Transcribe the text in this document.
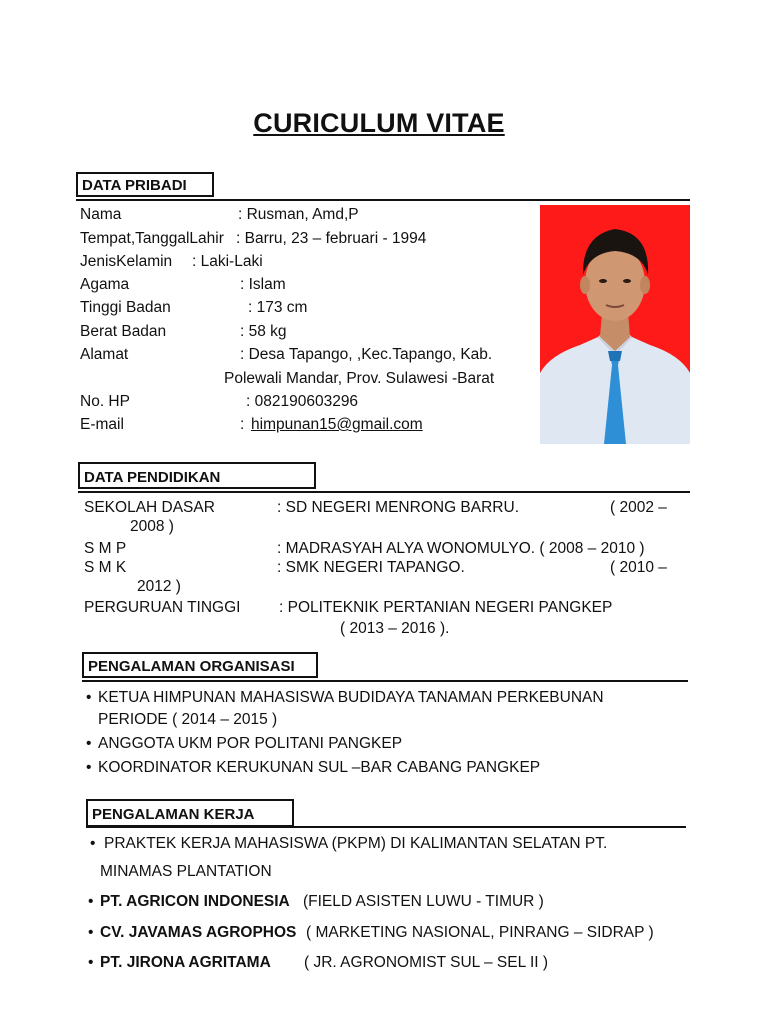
CURICULUM VITAE
DATA PRIBADI
Nama	: Rusman, Amd,P
Tempat,TanggalLahir : Barru, 23 – februari - 1994
JenisKelamin : Laki-Laki
Agama	: Islam
Tinggi Badan	: 173 cm
Berat Badan	: 58 kg
Alamat	: Desa Tapango, ,Kec.Tapango, Kab.
Polewali Mandar, Prov. Sulawesi -Barat
No. HP	: 082190603296
E-mail	: himpunan15@gmail.com
DATA PENDIDIKAN
SEKOLAH DASAR	: SD NEGERI MENRONG BARRU.	( 2002 –
2008 )
S M P	: MADRASYAH ALYA WONOMULYO. ( 2008 – 2010 )
S M K	: SMK NEGERI TAPANGO.	( 2010 –
2012 )
PERGURUAN TINGGI : POLITEKNIK PERTANIAN NEGERI PANGKEP
( 2013 – 2016 ).
PENGALAMAN ORGANISASI
• KETUA HIMPUNAN MAHASISWA BUDIDAYA TANAMAN PERKEBUNAN
PERIODE ( 2014 – 2015 )
• ANGGOTA UKM POR POLITANI PANGKEP
• KOORDINATOR KERUKUNAN SUL –BAR CABANG PANGKEP
PENGALAMAN KERJA
• PRAKTEK KERJA MAHASISWA (PKPM) DI KALIMANTAN SELATAN PT.
MINAMAS PLANTATION
• PT. AGRICON INDONESIA (FIELD ASISTEN LUWU - TIMUR )
• CV. JAVAMAS AGROPHOS ( MARKETING NASIONAL, PINRANG – SIDRAP )
• PT. JIRONA AGRITAMA ( JR. AGRONOMIST SUL – SEL II )
